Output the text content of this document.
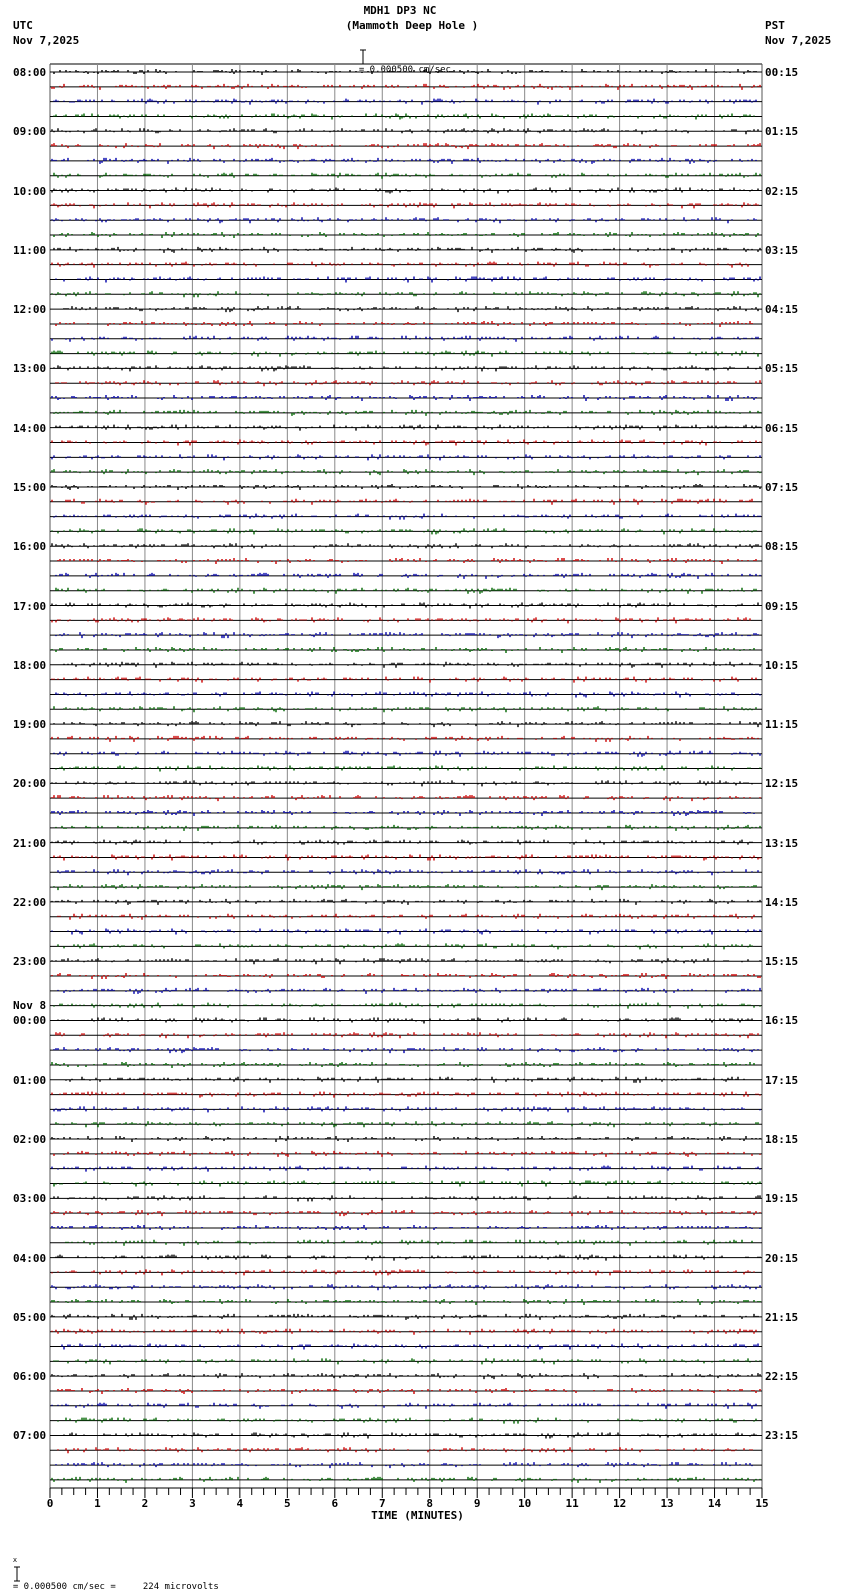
MDH1 DP3 NC
(Mammoth Deep Hole )
UTC
Nov 7,2025
PST
Nov 7,2025

= 0.000500 cm/sec

08:00
09:00
10:00
11:00
12:00
13:00
14:00
15:00
16:00
17:00
18:00
19:00
20:00
21:00
22:00
23:00
Nov 8
00:00
01:00
02:00
03:00
04:00
05:00
06:00
07:00
00:15
01:15
02:15
03:15
04:15
05:15
06:15
07:15
08:15
09:15
10:15
11:15
12:15
13:15
14:15
15:15
16:15
17:15
18:15
19:15
20:15
21:15
22:15
23:15
0	1	2	3	4	5	6	7	8	9	10	11	12	13	14	15
TIME (MINUTES)

x

= 0.000500 cm/sec =     224 microvolts
